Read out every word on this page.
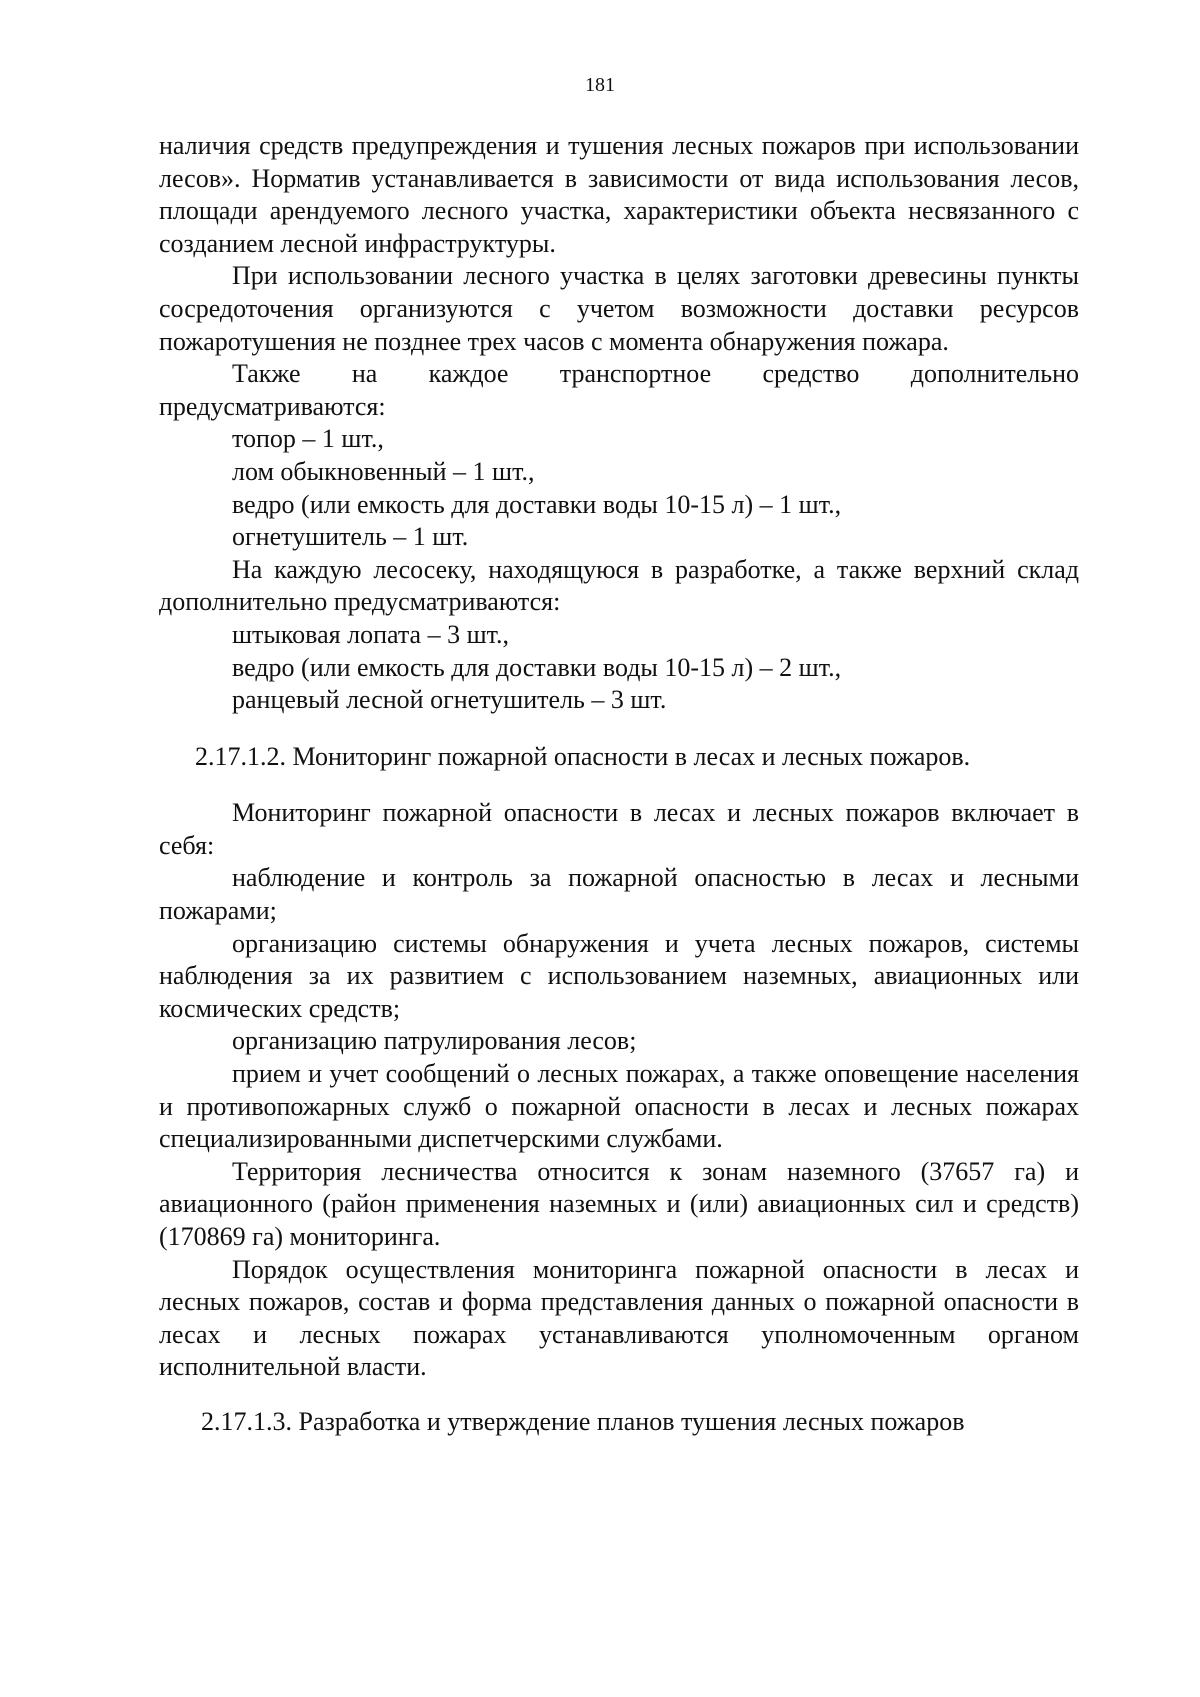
181

наличия средств предупреждения и тушения лесных пожаров при использовании лесов». Норматив устанавливается в зависимости от вида использования лесов, площади арендуемого лесного участка, характеристики объекта несвязанного с созданием лесной инфраструктуры.

При использовании лесного участка в целях заготовки древесины пункты сосредоточения организуются с учетом возможности доставки ресурсов пожаротушения не позднее трех часов с момента обнаружения пожара.

Также на каждое транспортное средство дополнительно предусматриваются:

топор – 1 шт.,

лом обыкновенный – 1 шт.,

ведро (или емкость для доставки воды 10-15 л) – 1 шт.,

огнетушитель – 1 шт.

На каждую лесосеку, находящуюся в разработке, а также верхний склад дополнительно предусматриваются:

штыковая лопата – 3 шт.,

ведро (или емкость для доставки воды 10-15 л) – 2 шт.,

ранцевый лесной огнетушитель – 3 шт.

2.17.1.2. Мониторинг пожарной опасности в лесах и лесных пожаров.

Мониторинг пожарной опасности в лесах и лесных пожаров включает в себя:

наблюдение и контроль за пожарной опасностью в лесах и лесными пожарами;

организацию системы обнаружения и учета лесных пожаров, системы наблюдения за их развитием с использованием наземных, авиационных или космических средств;

организацию патрулирования лесов;

прием и учет сообщений о лесных пожарах, а также оповещение населения и противопожарных служб о пожарной опасности в лесах и лесных пожарах специализированными диспетчерскими службами.

Территория лесничества относится к зонам наземного (37657 га) и авиационного (район применения наземных и (или) авиационных сил и средств) (170869 га) мониторинга.

Порядок осуществления мониторинга пожарной опасности в лесах и лесных пожаров, состав и форма представления данных о пожарной опасности в лесах и лесных пожарах устанавливаются уполномоченным органом исполнительной власти.

2.17.1.3. Разработка и утверждение планов тушения лесных пожаров
